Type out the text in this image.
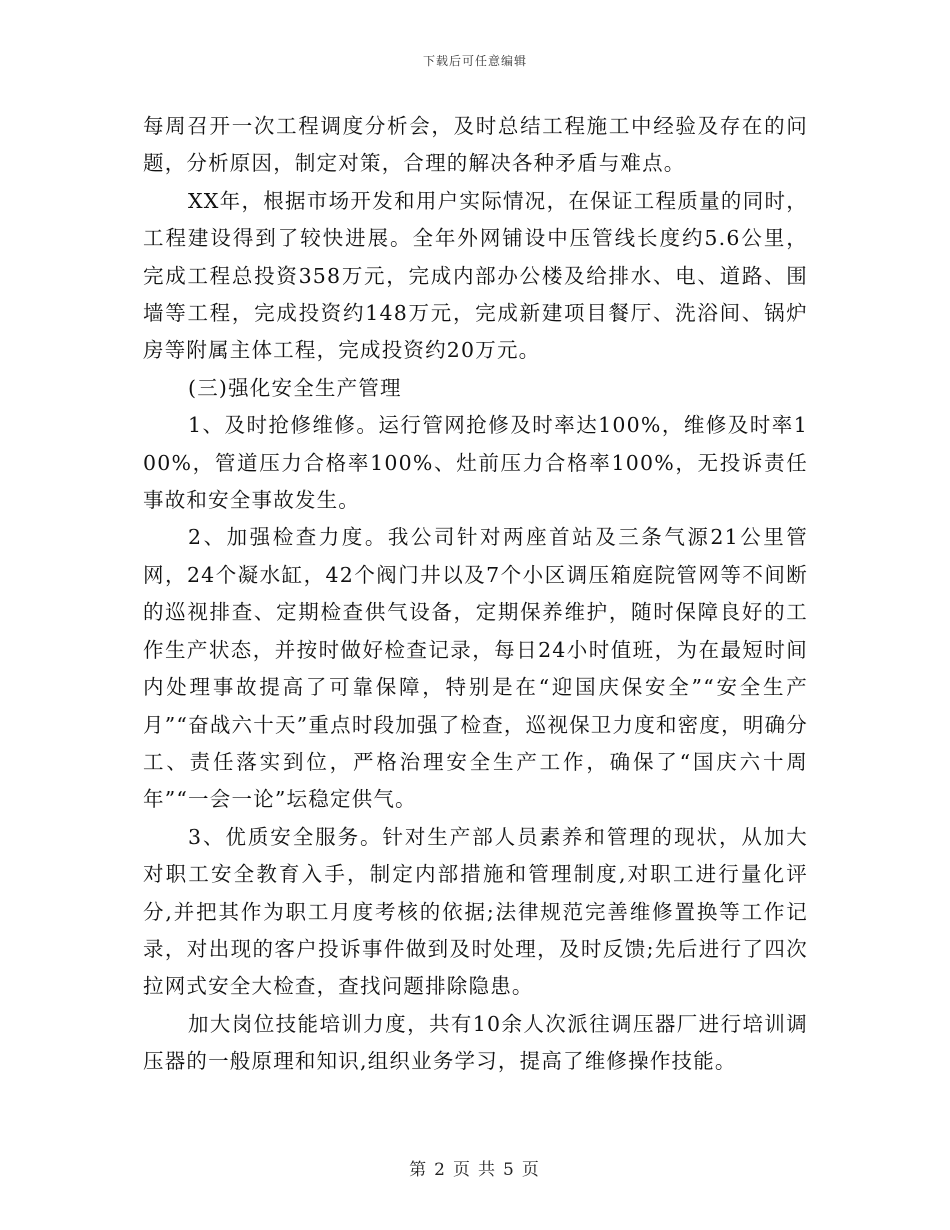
下载后可任意编辑

每周召开一次工程调度分析会，及时总结工程施工中经验及存在的问题，分析原因，制定对策，合理的解决各种矛盾与难点。

XX年，根据市场开发和用户实际情况，在保证工程质量的同时，工程建设得到了较快进展。全年外网铺设中压管线长度约5.6公里，完成工程总投资358万元，完成内部办公楼及给排水、电、道路、围墙等工程，完成投资约148万元，完成新建项目餐厅、洗浴间、锅炉房等附属主体工程，完成投资约20万元。

(三)强化安全生产管理

1、及时抢修维修。运行管网抢修及时率达100%，维修及时率100%，管道压力合格率100%、灶前压力合格率100%，无投诉责任事故和安全事故发生。

2、加强检查力度。我公司针对两座首站及三条气源21公里管网，24个凝水缸，42个阀门井以及7个小区调压箱庭院管网等不间断的巡视排查、定期检查供气设备，定期保养维护，随时保障良好的工作生产状态，并按时做好检查记录，每日24小时值班，为在最短时间内处理事故提高了可靠保障，特别是在“迎国庆保安全”“安全生产月”“奋战六十天”重点时段加强了检查，巡视保卫力度和密度，明确分工、责任落实到位，严格治理安全生产工作，确保了“国庆六十周年”“一会一论”坛稳定供气。

3、优质安全服务。针对生产部人员素养和管理的现状，从加大对职工安全教育入手，制定内部措施和管理制度,对职工进行量化评分,并把其作为职工月度考核的依据;法律规范完善维修置换等工作记录，对出现的客户投诉事件做到及时处理，及时反馈;先后进行了四次拉网式安全大检查，查找问题排除隐患。

加大岗位技能培训力度，共有10余人次派往调压器厂进行培训调压器的一般原理和知识,组织业务学习，提高了维修操作技能。

第 2 页 共 5 页
